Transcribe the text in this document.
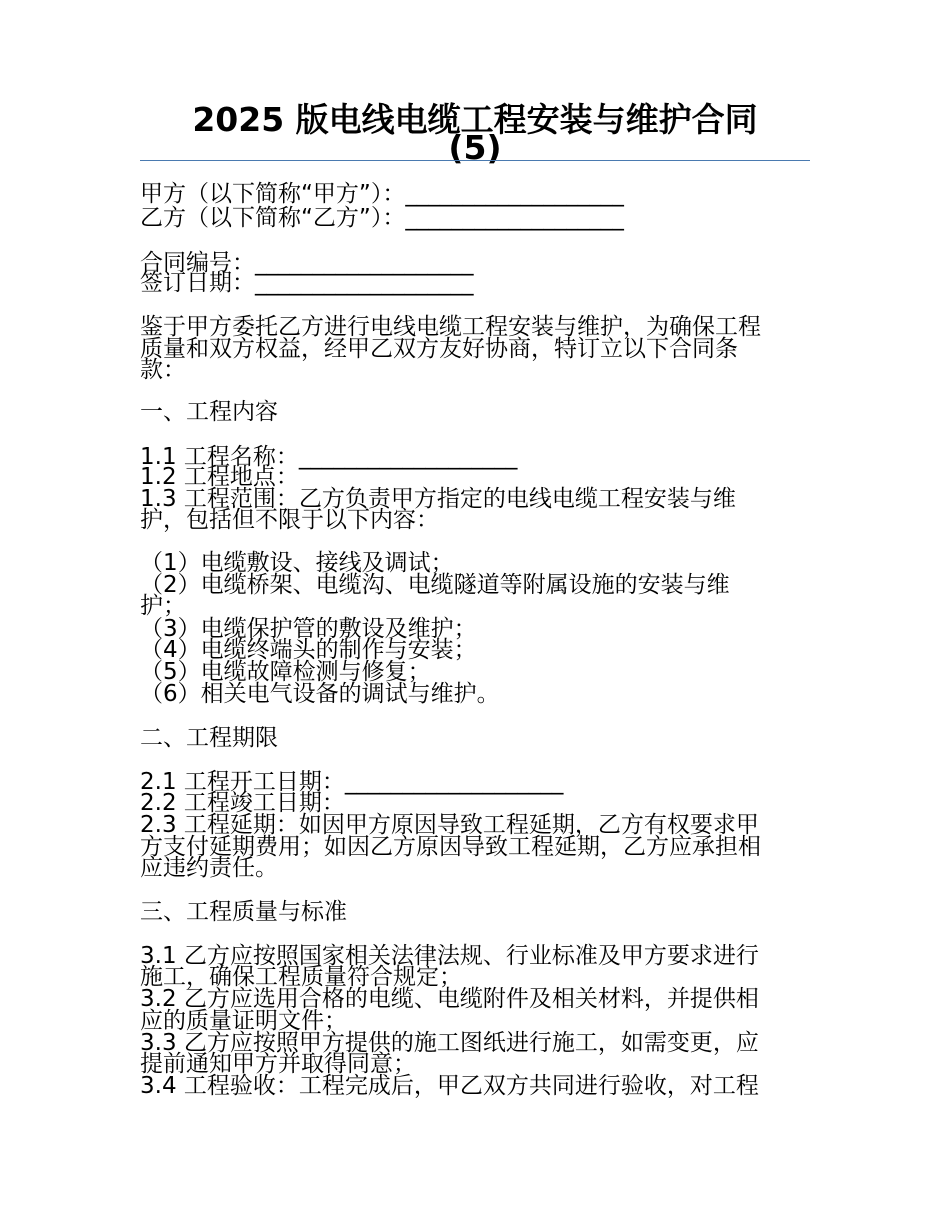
2025 版电线电缆工程安装与维护合同
(5)
甲方（以下简称“甲方”）：___________________
乙方（以下简称“乙方”）：___________________
合同编号：___________________
签订日期：___________________
鉴于甲方委托乙方进行电线电缆工程安装与维护，为确保工程
质量和双方权益，经甲乙双方友好协商，特订立以下合同条
款：
一、工程内容
1.1 工程名称：___________________
1.2 工程地点：
1.3 工程范围：乙方负责甲方指定的电线电缆工程安装与维
护，包括但不限于以下内容：
（1）电缆敷设、接线及调试；
（2）电缆桥架、电缆沟、电缆隧道等附属设施的安装与维
护；
（3）电缆保护管的敷设及维护；
（4）电缆终端头的制作与安装；
（5）电缆故障检测与修复；
（6）相关电气设备的调试与维护。
二、工程期限
2.1 工程开工日期：___________________
2.2 工程竣工日期：
2.3 工程延期：如因甲方原因导致工程延期，乙方有权要求甲
方支付延期费用；如因乙方原因导致工程延期，乙方应承担相
应违约责任。
三、工程质量与标准
3.1 乙方应按照国家相关法律法规、行业标准及甲方要求进行
施工，确保工程质量符合规定；
3.2 乙方应选用合格的电缆、电缆附件及相关材料，并提供相
应的质量证明文件；
3.3 乙方应按照甲方提供的施工图纸进行施工，如需变更，应
提前通知甲方并取得同意；
3.4 工程验收：工程完成后，甲乙双方共同进行验收，对工程
